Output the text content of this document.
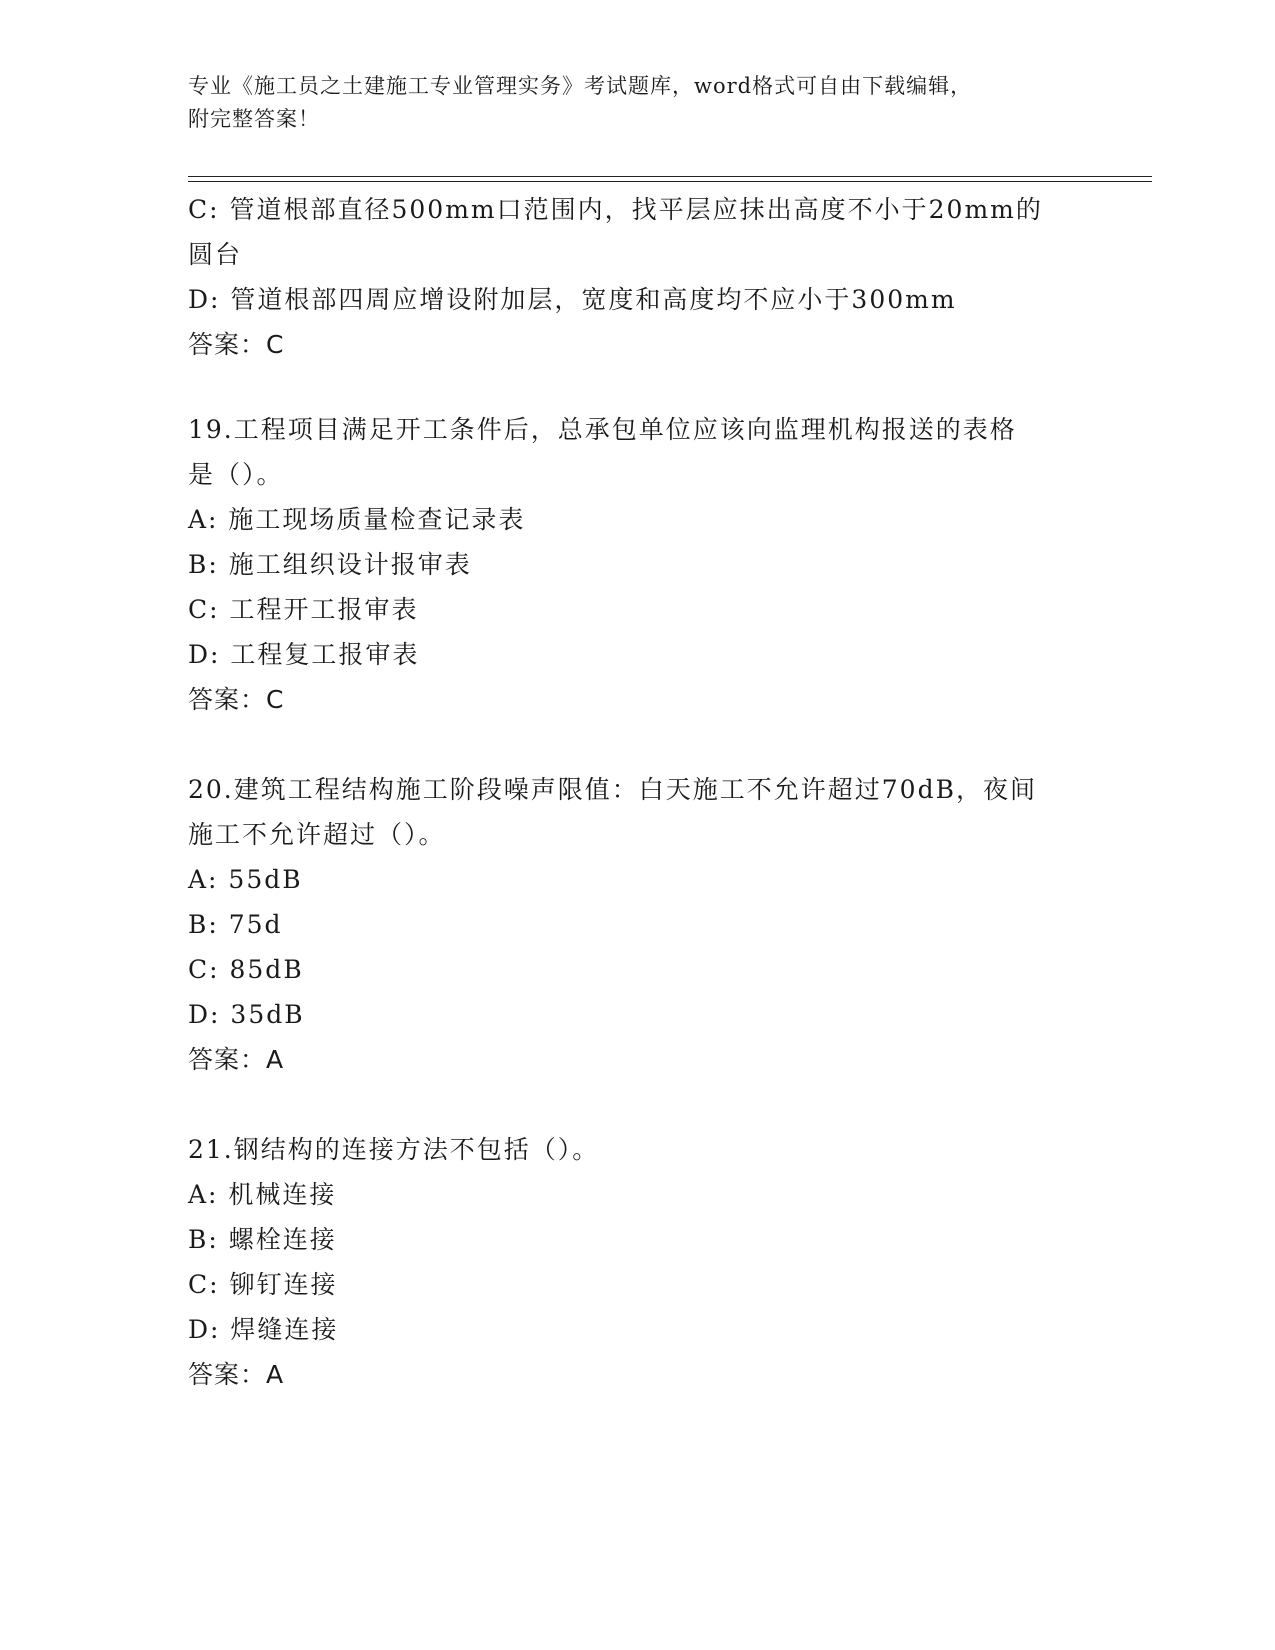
专业《施工员之土建施工专业管理实务》考试题库，word格式可自由下载编辑，
附完整答案！
C: 管道根部直径500mm口范围内，找平层应抹出高度不小于20mm的
圆台
D: 管道根部四周应增设附加层，宽度和高度均不应小于300mm
答案：C
19.工程项目满足开工条件后，总承包单位应该向监理机构报送的表格
是（）。
A: 施工现场质量检查记录表
B: 施工组织设计报审表
C: 工程开工报审表
D: 工程复工报审表
答案：C
20.建筑工程结构施工阶段噪声限值：白天施工不允许超过70dB，夜间
施工不允许超过（）。
A: 55dB
B: 75d
C: 85dB
D: 35dB
答案：A
21.钢结构的连接方法不包括（）。
A: 机械连接
B: 螺栓连接
C: 铆钉连接
D: 焊缝连接
答案：A
